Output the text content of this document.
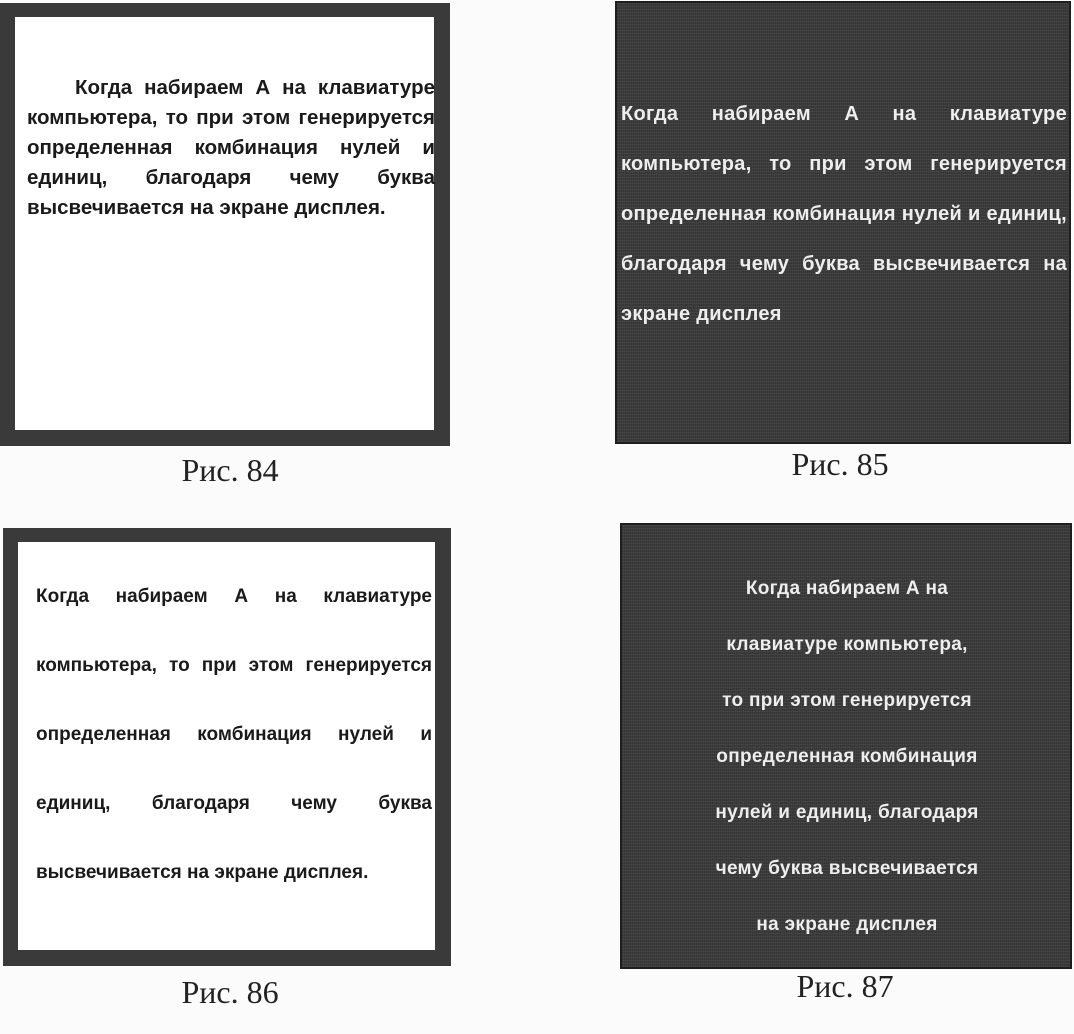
Когда набираем А на клавиатуре компьютера, то при этом генерируется определенная комбинация нулей и единиц, благодаря чему буква высвечивается на экране дисплея.

Рис. 84

Когда набираем А на клавиатуре компьютера, то при этом генерируется определенная комбинация нулей и единиц, благодаря чему буква высвечивается на экране дисплея

Рис. 85

Когда набираем А на клавиатуре компьютера, то при этом генерируется определенная комбинация нулей и единиц, благодаря чему буква высвечивается на экране дисплея.

Рис. 86
Когда набираем А на
клавиатуре компьютера,
то при этом генерируется
определенная комбинация
нулей и единиц, благодаря
чему буква высвечивается
на экране дисплея
Рис. 87
